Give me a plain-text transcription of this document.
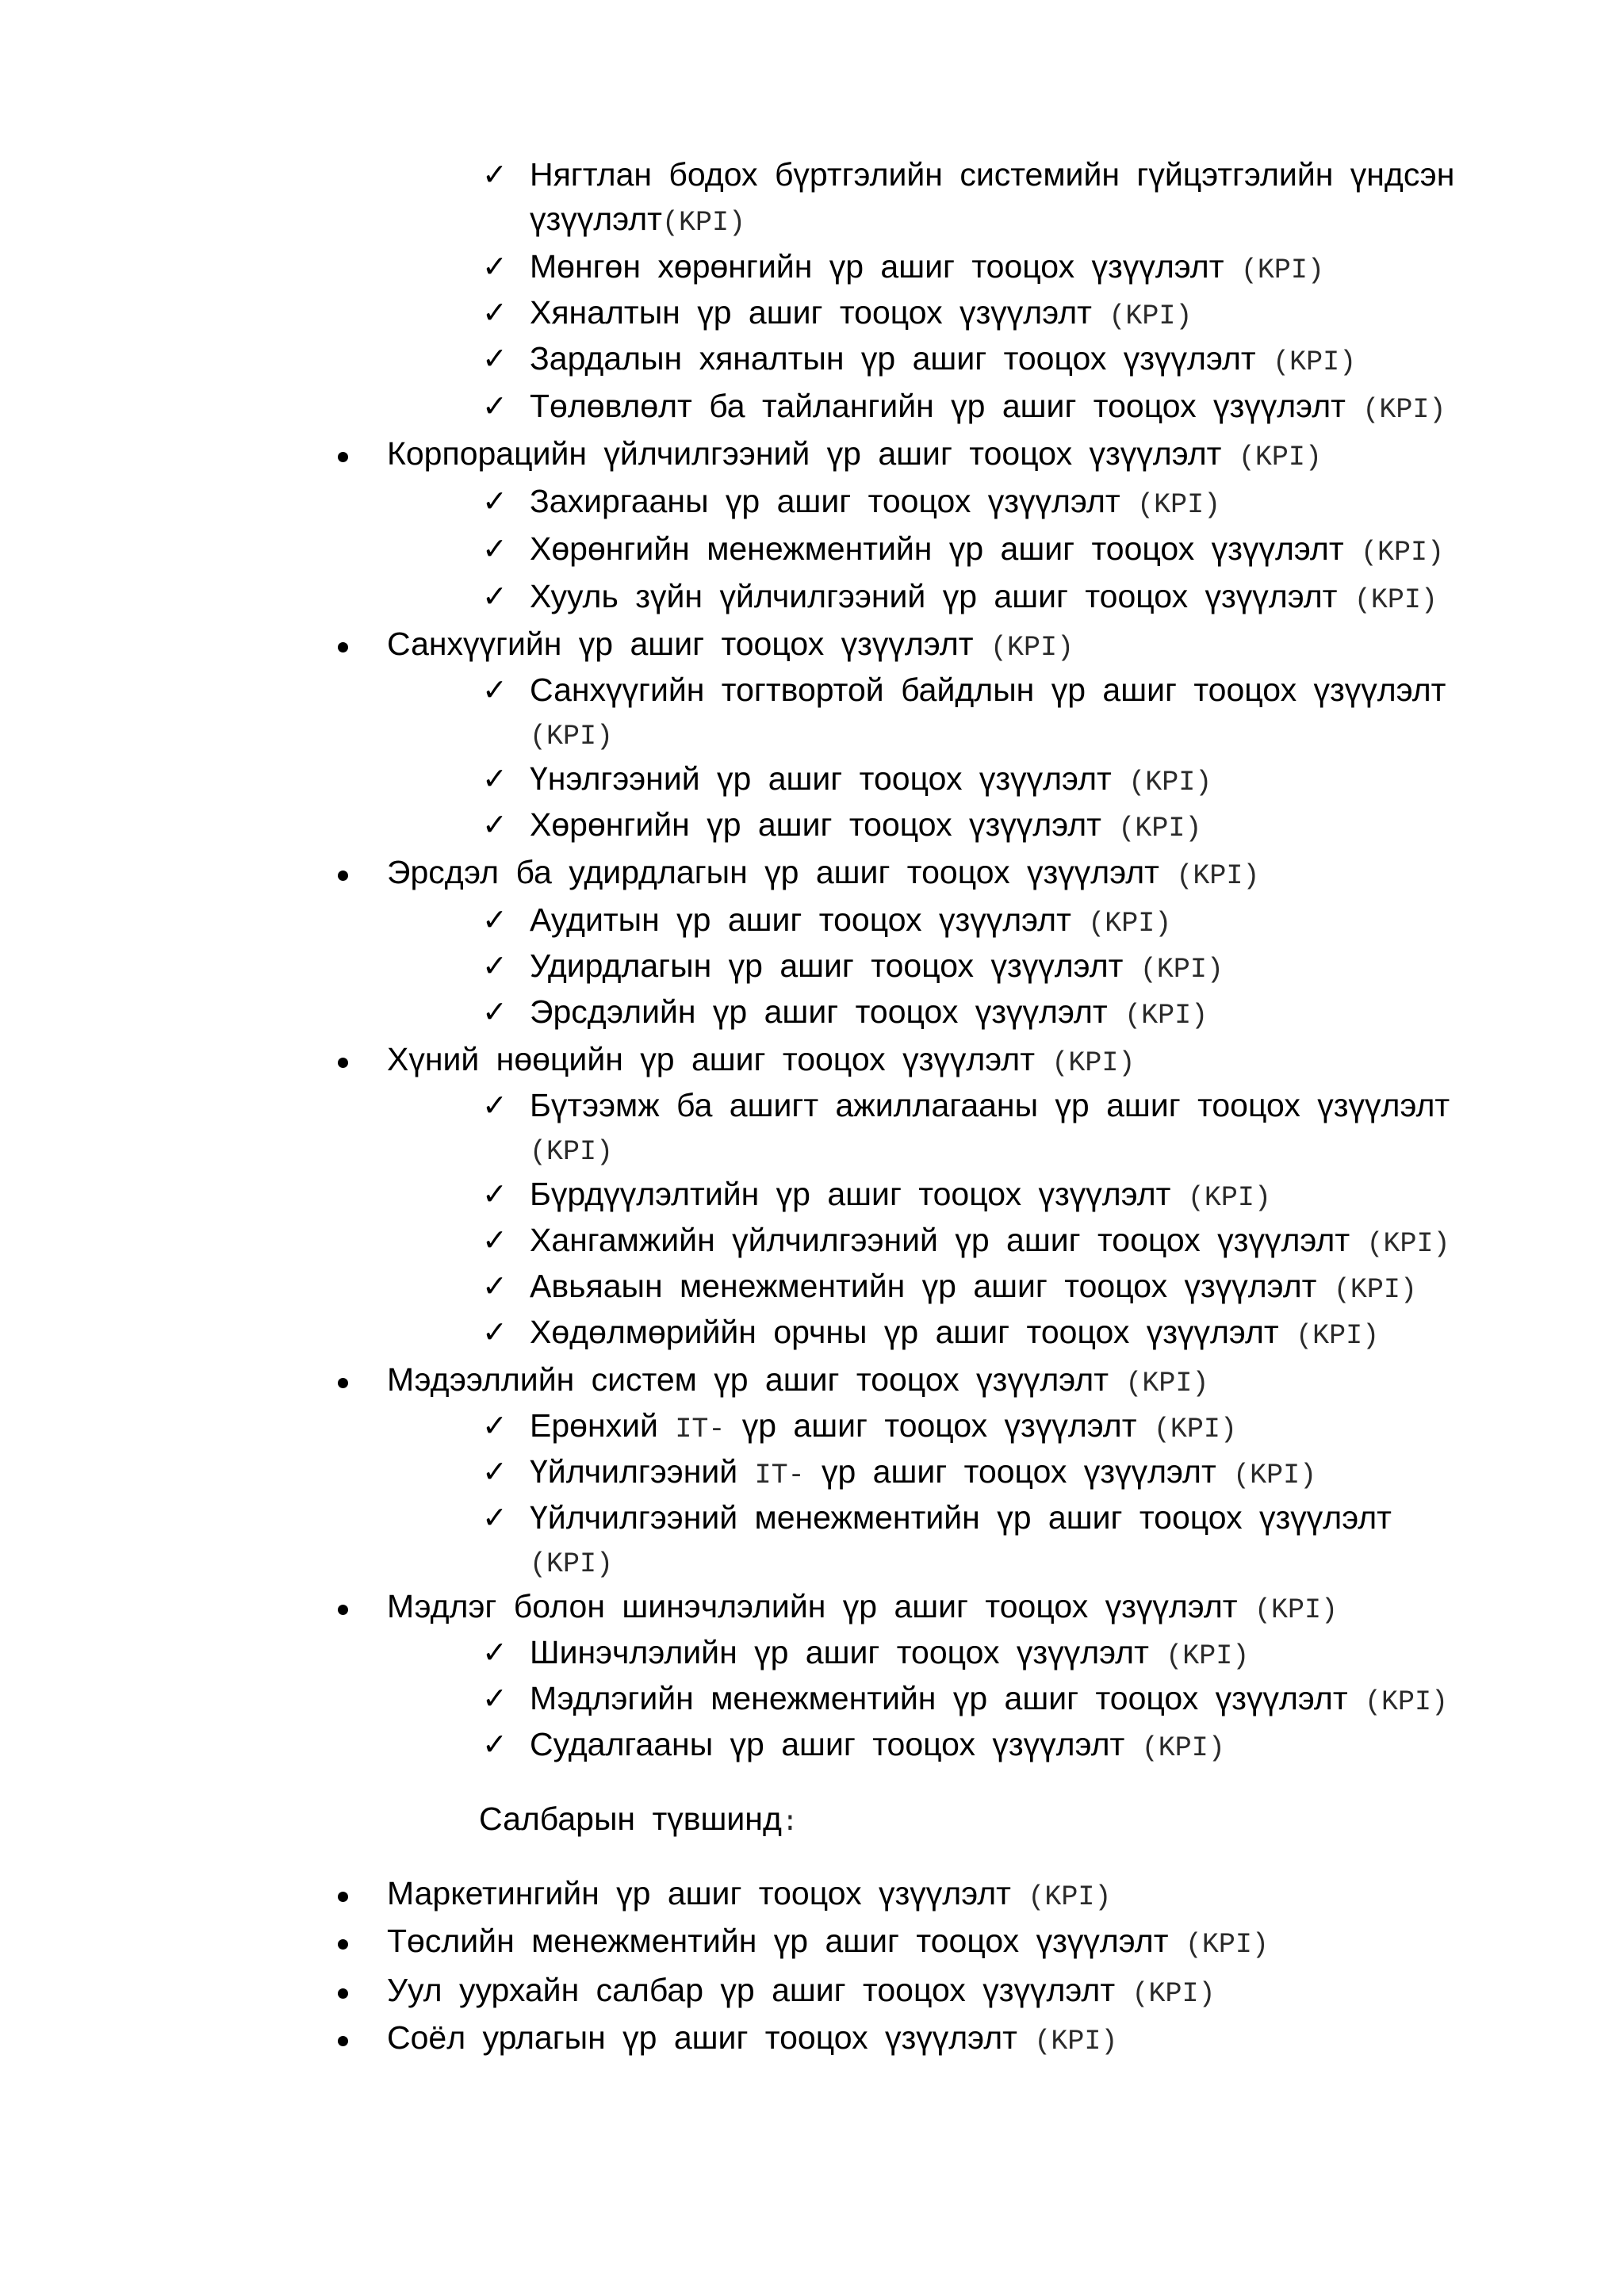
✓ Нягтлан бодох бүртгэлийн системийн гүйцэтгэлийн үндсэн
үзүүлэлт(KPI)
✓ Мөнгөн хөрөнгийн үр ашиг тооцох үзүүлэлт (KPI)
✓ Хяналтын үр ашиг тооцох үзүүлэлт (KPI)
✓ Зардалын хяналтын үр ашиг тооцох үзүүлэлт (KPI)
✓ Төлөвлөлт ба тайлангийн үр ашиг тооцох үзүүлэлт (KPI)
Корпорацийн үйлчилгээний үр ашиг тооцох үзүүлэлт (KPI)
✓ Захиргааны үр ашиг тооцох үзүүлэлт (KPI)
✓ Хөрөнгийн менежментийн үр ашиг тооцох үзүүлэлт (KPI)
✓ Хууль зүйн үйлчилгээний үр ашиг тооцох үзүүлэлт (KPI)
Санхүүгийн үр ашиг тооцох үзүүлэлт (KPI)
✓ Санхүүгийн тогтвортой байдлын үр ашиг тооцох үзүүлэлт
(KPI)
✓ Үнэлгээний үр ашиг тооцох үзүүлэлт (KPI)
✓ Хөрөнгийн үр ашиг тооцох үзүүлэлт (KPI)
Эрсдэл ба удирдлагын үр ашиг тооцох үзүүлэлт (KPI)
✓ Аудитын үр ашиг тооцох үзүүлэлт (KPI)
✓ Удирдлагын үр ашиг тооцох үзүүлэлт (KPI)
✓ Эрсдэлийн үр ашиг тооцох үзүүлэлт (KPI)
Хүний нөөцийн үр ашиг тооцох үзүүлэлт (KPI)
✓ Бүтээмж ба ашигт ажиллагааны үр ашиг тооцох үзүүлэлт
(KPI)
✓ Бүрдүүлэлтийн үр ашиг тооцох үзүүлэлт (KPI)
✓ Хангамжийн үйлчилгээний үр ашиг тооцох үзүүлэлт (KPI)
✓ Авьяаын менежментийн үр ашиг тооцох үзүүлэлт (KPI)
✓ Хөдөлмөриййн орчны үр ашиг тооцох үзүүлэлт (KPI)
Мэдээллийн систем үр ашиг тооцох үзүүлэлт (KPI)
✓ Ерөнхий IT- үр ашиг тооцох үзүүлэлт (KPI)
✓ Үйлчилгээний IT- үр ашиг тооцох үзүүлэлт (KPI)
✓ Үйлчилгээний менежментийн үр ашиг тооцох үзүүлэлт
(KPI)
Мэдлэг болон шинэчлэлийн үр ашиг тооцох үзүүлэлт (KPI)
✓ Шинэчлэлийн үр ашиг тооцох үзүүлэлт (KPI)
✓ Мэдлэгийн менежментийн үр ашиг тооцох үзүүлэлт (KPI)
✓ Судалгааны үр ашиг тооцох үзүүлэлт (KPI)
Салбарын түвшинд:
Маркетингийн үр ашиг тооцох үзүүлэлт (KPI)
Төслийн менежментийн үр ашиг тооцох үзүүлэлт (KPI)
Уул уурхайн салбар үр ашиг тооцох үзүүлэлт (KPI)
Соёл урлагын үр ашиг тооцох үзүүлэлт (KPI)
